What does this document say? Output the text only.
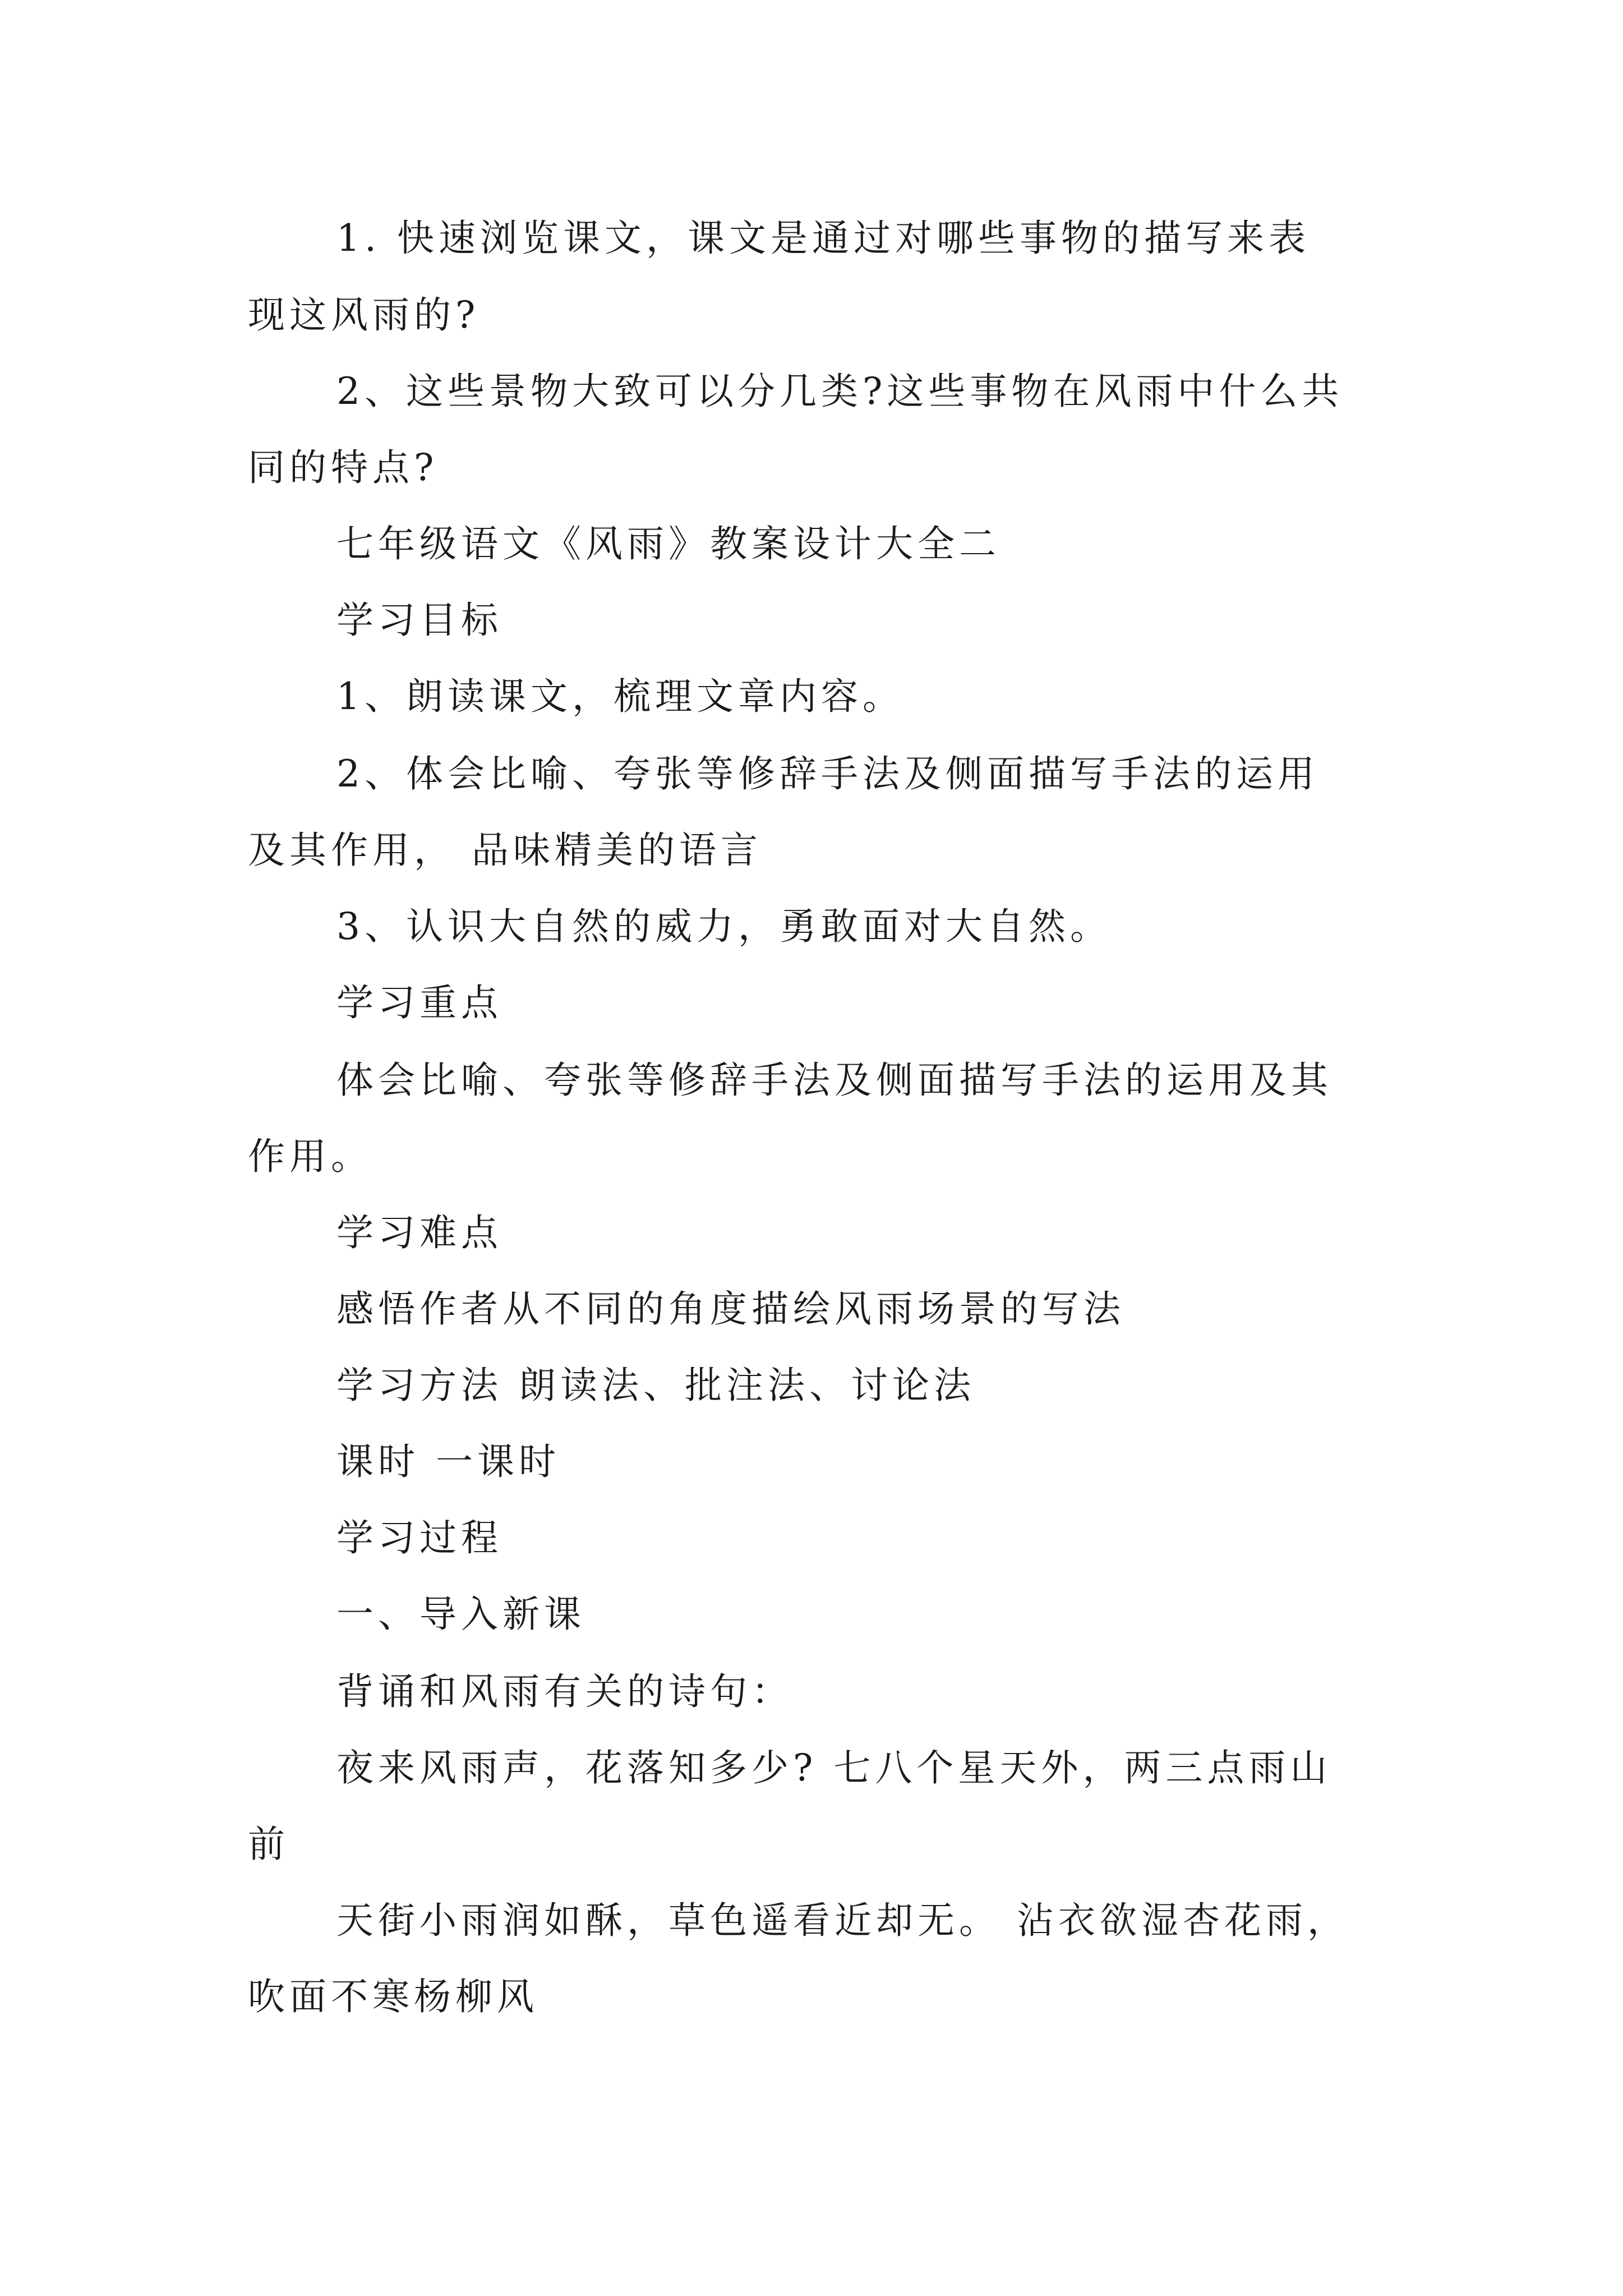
1. 快速浏览课文，课文是通过对哪些事物的描写来表
现这风雨的?
2、这些景物大致可以分几类?这些事物在风雨中什么共
同的特点?
七年级语文《风雨》教案设计大全二
学习目标
1、朗读课文，梳理文章内容。
2、体会比喻、夸张等修辞手法及侧面描写手法的运用
及其作用， 品味精美的语言
3、认识大自然的威力，勇敢面对大自然。
学习重点
体会比喻、夸张等修辞手法及侧面描写手法的运用及其
作用。
学习难点
感悟作者从不同的角度描绘风雨场景的写法
学习方法 朗读法、批注法、讨论法
课时 一课时
学习过程
一、导入新课
背诵和风雨有关的诗句：
夜来风雨声，花落知多少? 七八个星天外，两三点雨山
前
天街小雨润如酥，草色遥看近却无。 沾衣欲湿杏花雨，
吹面不寒杨柳风
